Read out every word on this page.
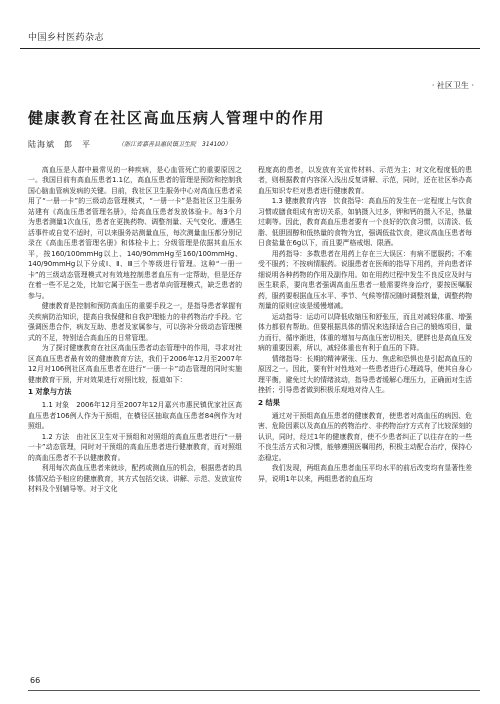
中国乡村医药杂志
· 社区卫生 ·
健康教育在社区高血压病人管理中的作用
陆海斌　郎　平	（浙江省嘉善县惠民镇卫生院　314100）

高血压是人群中最常见的一种疾病，是心血管死亡的重要原因之一。我国目前有高血压患者1.1亿，高血压患者的管理是预防和控制我国心脑血管病发病的关键。目前，我社区卫生服务中心对高血压患者采用了“一册一卡”的三级动态管理模式，“一册一卡”是指社区卫生服务站建有《高血压患者管理名册》，给高血压患者发放体验卡。每3个月为患者测量1次血压，患者在更换药物、调整剂量、天气变化、遭遇生活事件或自觉不适时，可以来服务站测量血压，每次测量血压都分别记录在《高血压患者管理名册》和体检卡上；分级管理是依据其血压水平，按160/100mmHg以上、140/90mmHg至160/100mmHg、140/90mmHg以下分成Ⅰ、Ⅱ、Ⅲ三个等级进行管理。这种“一册一卡”的三级动态管理模式对有效地控制患者血压有一定帮助，但是还存在着一些不足之处，比如它属于医生－患者单向管理模式，缺乏患者的参与。

健康教育是控制和预防高血压的重要手段之一，是指导患者掌握有关疾病防治知识，提高自我保健和自我护理能力的非药物治疗手段。它强调医患合作，病友互助、患者及家属参与，可以弥补分级动态管理模式的不足，特别适合高血压的日常管理。

为了探讨健康教育在社区高血压患者动态管理中的作用，寻求对社区高血压患者最有效的健康教育方法，我们于2006年12月至2007年12月对106例社区高血压患者在进行“一册一卡”动态管理的同时实施健康教育干预，并对效果进行对照比较，报道如下：

1 对象与方法

1.1 对象　2006年12月至2007年12月嘉兴市惠民镇优家社区高血压患者106例人作为干预组，在横径区抽取高血压患者84例作为对照组。

1.2 方法　由社区卫生对干预组和对照组的高血压患者进行“一册一卡”动态管理，同时对干预组的高血压患者进行健康教育，而对照组的高血压患者不予以健康教育。

利用每次高血压患者来就诊，配药或测血压的机会，根据患者的具体情况给予相应的健康教育，其方式包括交谈、讲解、示范、发放宣传材料及个别辅导等。对于文化

程度高的患者，以发放有关宣传材料、示范为主；对文化程度低的患者，则根据教育内容深入浅出反复讲解、示范，同时，还在社区举办高血压知识专栏对患者进行健康教育。

1.3 健康教育内容　饮食指导：高血压的发生在一定程度上与饮食习惯或膳食组成有密切关系，如钠摄入过多，钾和钙的摄入不足，热量过剩等。因此，教育高血压患者要有一个良好的饮食习惯，以清淡、低脂、低胆固醇和低热量的食物为宜，强调低盐饮食，建议高血压患者每日食盐量在6g以下，而且要严格戒烟、限酒。

用药指导：多数患者在用药上存在三大误区：有病不愿服药；不难受不服药；不按病情服药。说服患者在医师的指导下用药，并向患者详细说明各种药物的作用及副作用。如在用药过程中发生不良反应及时与医生联系，要向患者强调高血压患者一般需要终身治疗，要按医嘱服药，服药要根据血压水平、季节、气候等情况随时调整剂量，调整药物剂量的原则应该是缓慢增减。

运动指导：运动可以降低收缩压和舒张压，而且对减轻体重、增强体力都很有帮助。但要根据具体的情况来选择适合自己的锻炼项目，量力而行，循序渐进，体重的增加与高血压密切相关，肥胖也是高血压发病的重要因素，所以，减轻体重也有利于血压的下降。

情绪指导：长期的精神紧张、压力、焦虑和恐惧也是引起高血压的原因之一。因此，要有针对性地对一些患者进行心理疏导，使其自身心理平衡，避免过大的情绪波动，指导患者缓解心理压力，正确面对生活挫折；引导患者做到积极乐观地对待人生。

2 结果

通过对干预组高血压患者的健康教育，使患者对高血压的病因、危害、危险因素以及高血压的药物治疗、非药物治疗方式有了比较深刻的认识，同时，经过1年的健康教育，使不少患者纠正了以往存在的一些不良生活方式和习惯，能够遵照医嘱用药，积极主动配合治疗，保持心态稳定。

我们发现，两组高血压患者血压平均水平的前后改变均有显著性差异，说明1年以来，两组患者的血压均

66
